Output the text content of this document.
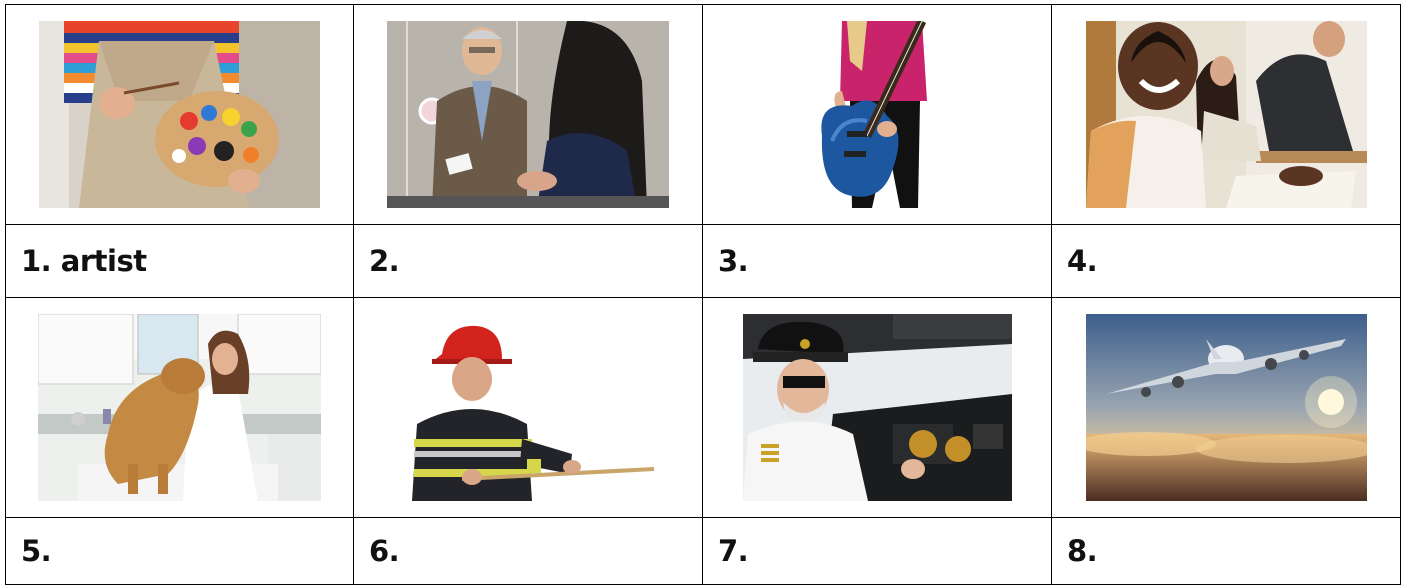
1. artist	2.	3.	4.

5.	6.	7.	8.
